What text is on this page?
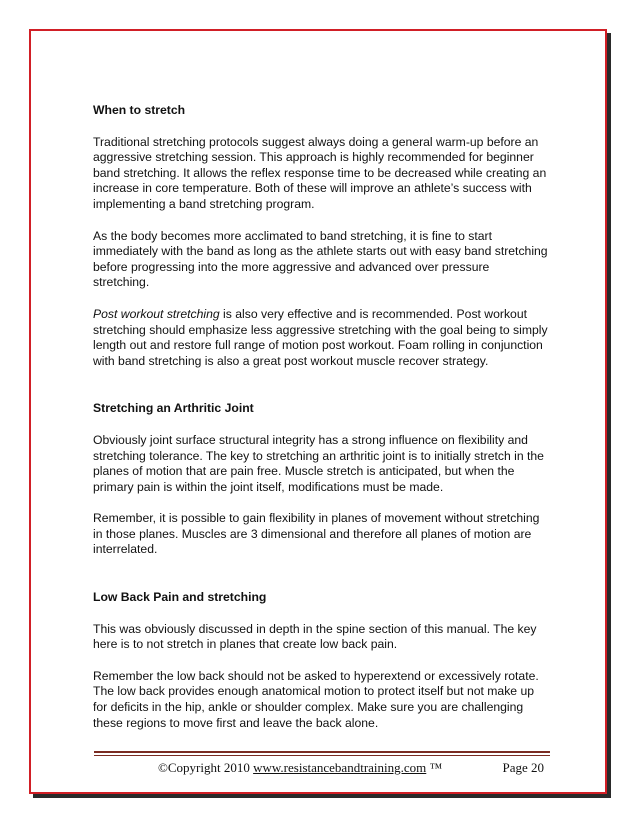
When to stretch

Traditional stretching protocols suggest always doing a general warm-up before an aggressive stretching session. This approach is highly recommended for beginner band stretching. It allows the reflex response time to be decreased while creating an increase in core temperature. Both of these will improve an athlete’s success with implementing a band stretching program.

As the body becomes more acclimated to band stretching, it is fine to start immediately with the band as long as the athlete starts out with easy band stretching before progressing into the more aggressive and advanced over pressure stretching.

Post workout stretching is also very effective and is recommended. Post workout stretching should emphasize less aggressive stretching with the goal being to simply length out and restore full range of motion post workout. Foam rolling in conjunction with band stretching is also a great post workout muscle recover strategy.

Stretching an Arthritic Joint

Obviously joint surface structural integrity has a strong influence on flexibility and stretching tolerance. The key to stretching an arthritic joint is to initially stretch in the planes of motion that are pain free. Muscle stretch is anticipated, but when the primary pain is within the joint itself, modifications must be made.

Remember, it is possible to gain flexibility in planes of movement without stretching in those planes. Muscles are 3 dimensional and therefore all planes of motion are interrelated.

Low Back Pain and stretching

This was obviously discussed in depth in the spine section of this manual. The key here is to not stretch in planes that create low back pain.

Remember the low back should not be asked to hyperextend or excessively rotate. The low back provides enough anatomical motion to protect itself but not make up for deficits in the hip, ankle or shoulder complex. Make sure you are challenging these regions to move first and leave the back alone.

©Copyright 2010 www.resistancebandtraining.com ™	Page 20
